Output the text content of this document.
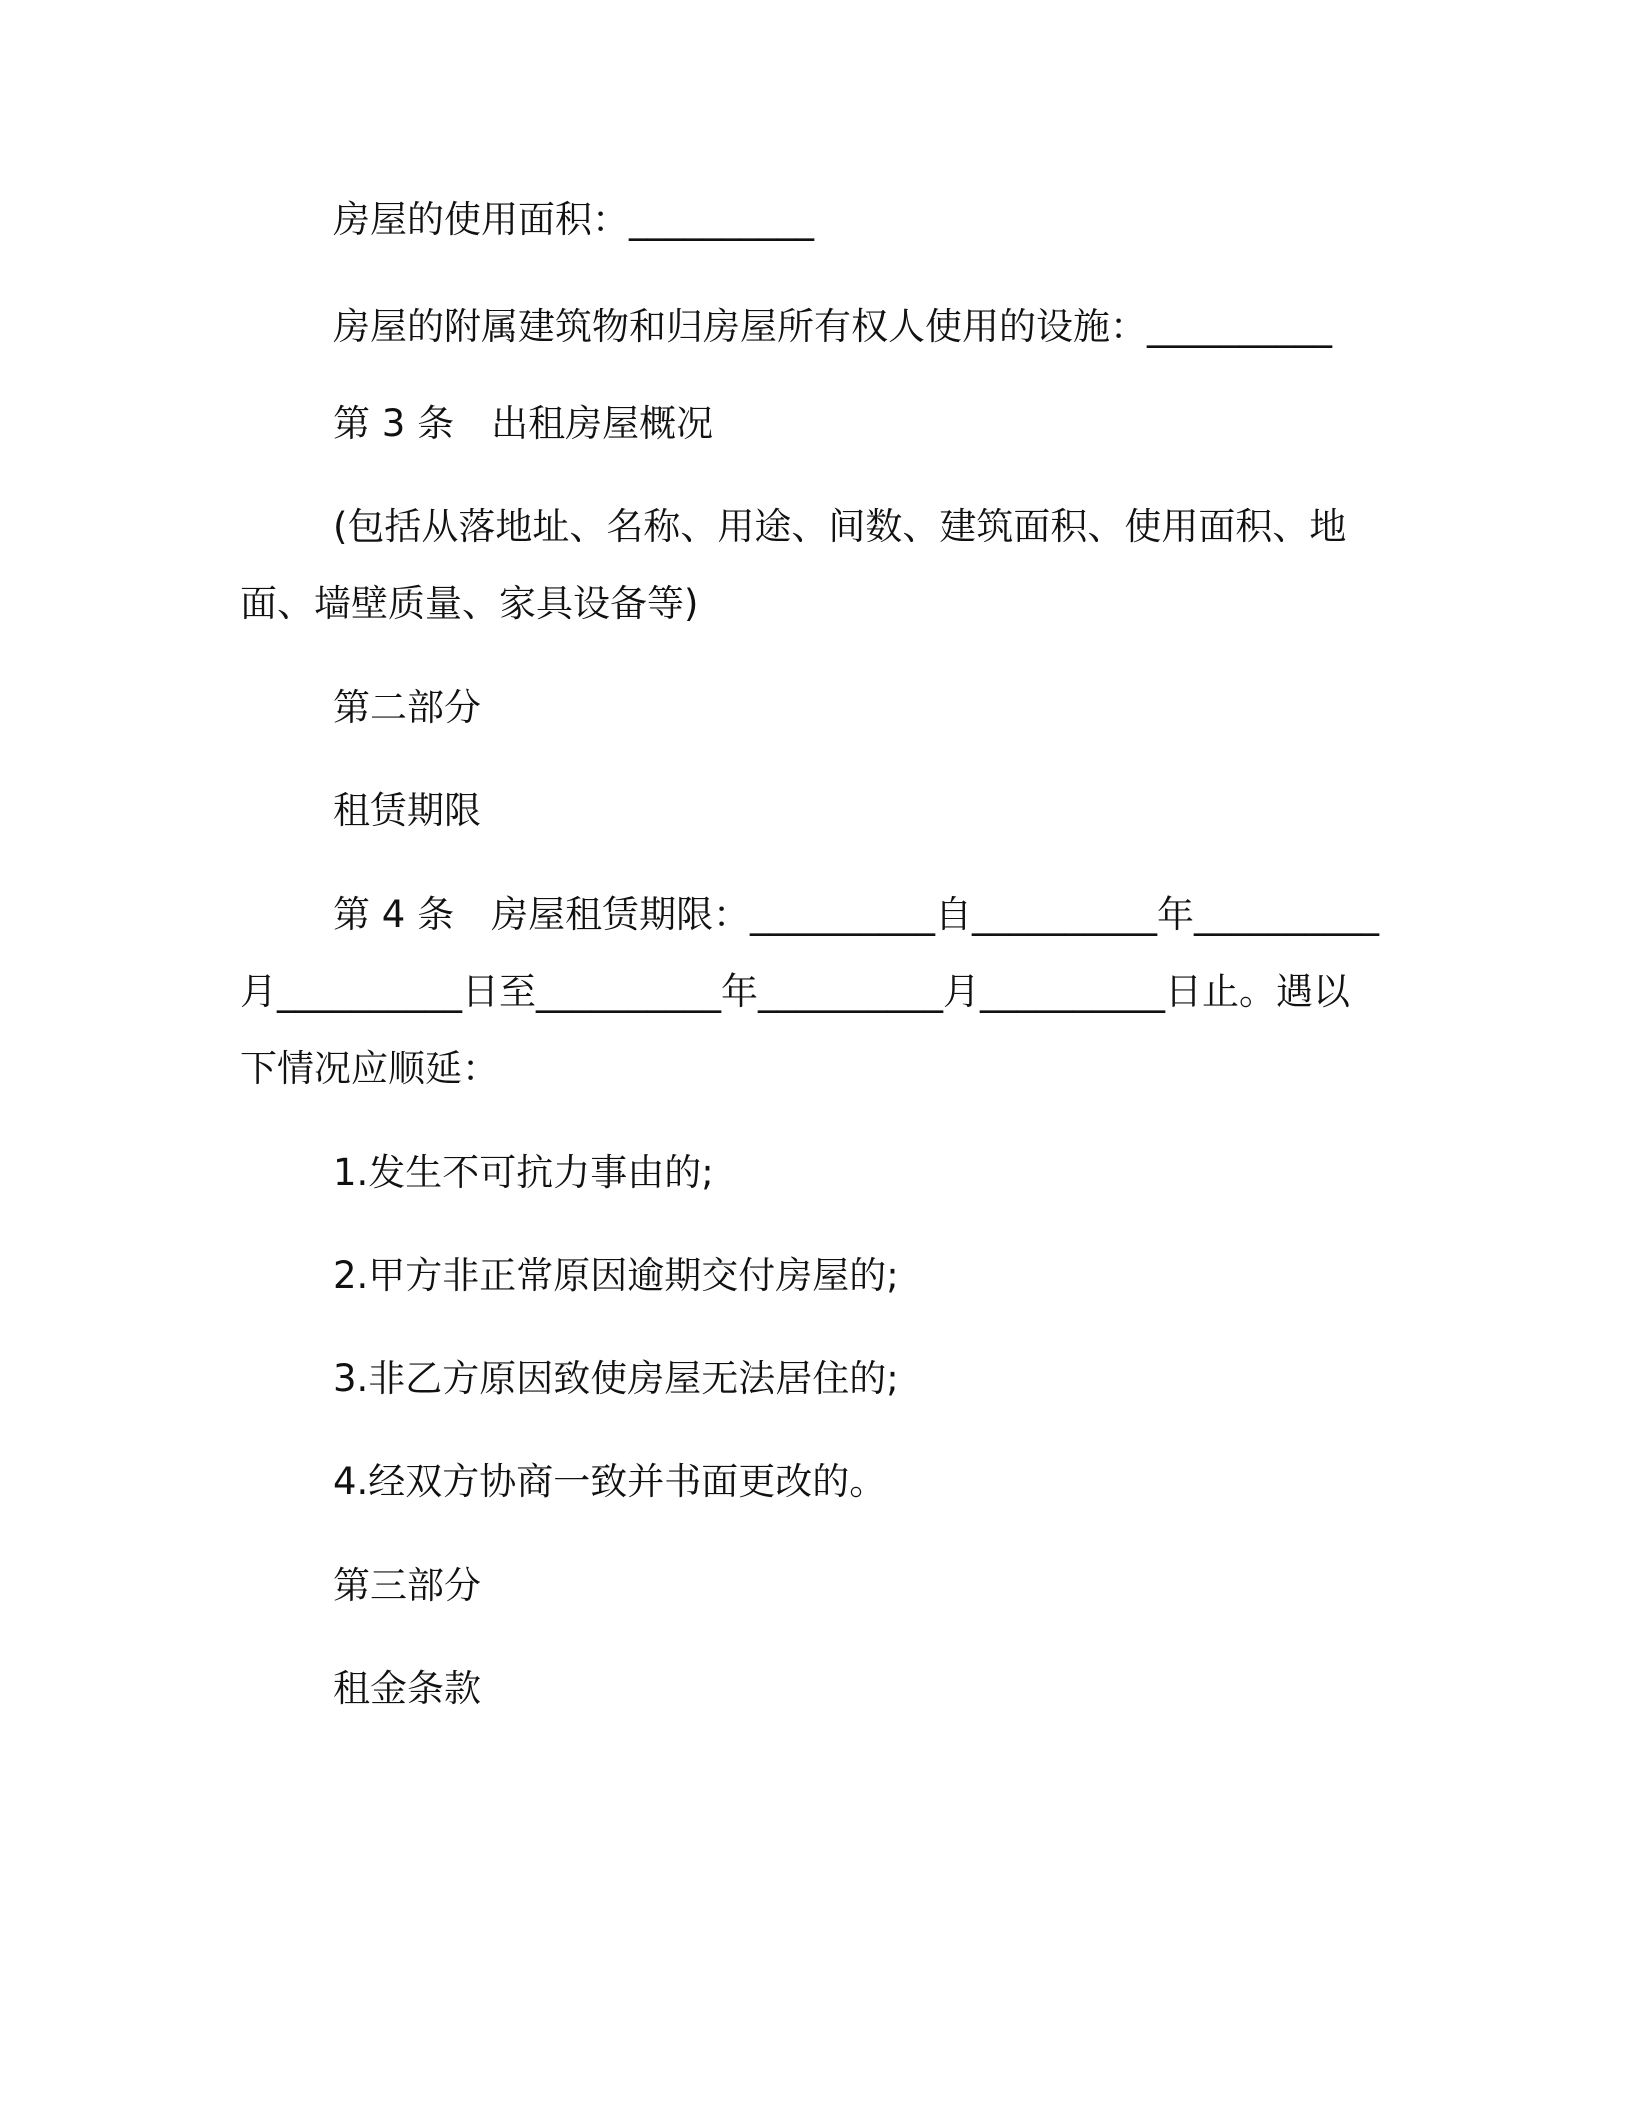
房屋的使用面积：__________

房屋的附属建筑物和归房屋所有权人使用的设施：__________

第 3 条　出租房屋概况

(包括从落地址、名称、用途、间数、建筑面积、使用面积、地

面、墙壁质量、家具设备等)

第二部分

租赁期限

第 4 条　房屋租赁期限：__________自__________年__________

月__________日至__________年__________月__________日止。遇以

下情况应顺延：

1.发生不可抗力事由的;

2.甲方非正常原因逾期交付房屋的;

3.非乙方原因致使房屋无法居住的;

4.经双方协商一致并书面更改的。

第三部分

租金条款
